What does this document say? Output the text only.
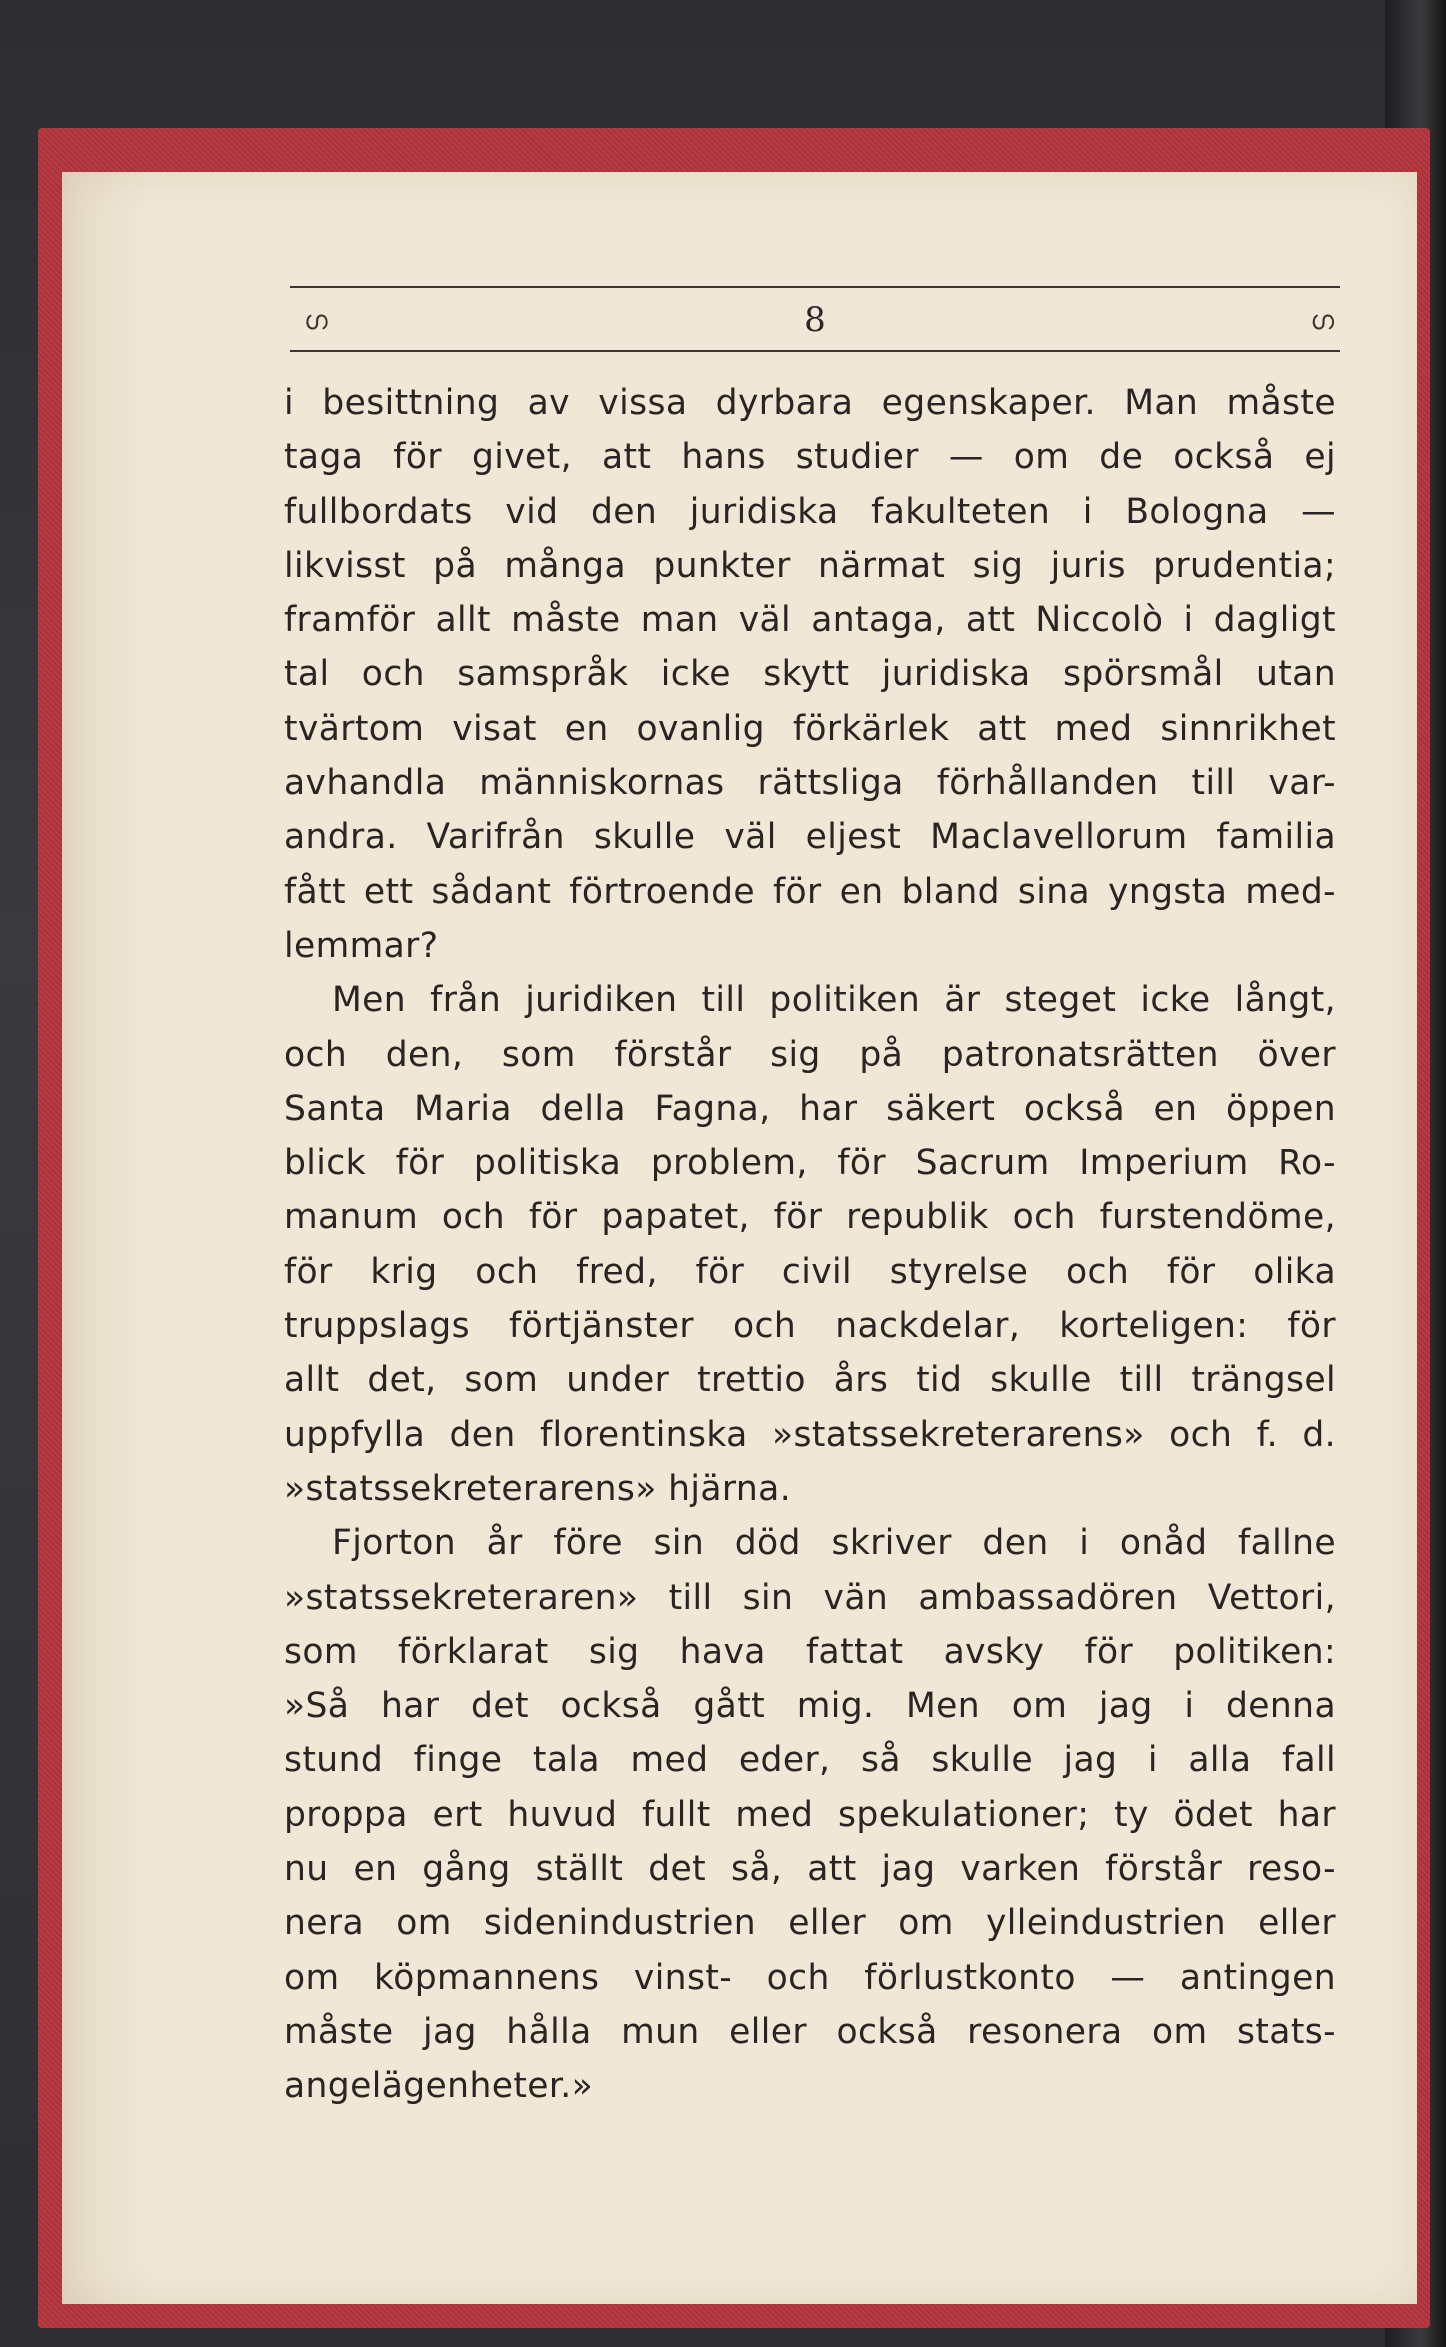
ഗ	8	ഗ
i besittning av vissa dyrbara egenskaper. Man måste
taga för givet, att hans studier — om de också ej
fullbordats vid den juridiska fakulteten i Bologna —
likvisst på många punkter närmat sig juris prudentia;
framför allt måste man väl antaga, att Niccolò i dagligt
tal och samspråk icke skytt juridiska spörsmål utan
tvärtom visat en ovanlig förkärlek att med sinnrikhet
avhandla människornas rättsliga förhållanden till var-
andra. Varifrån skulle väl eljest Maclavellorum familia
fått ett sådant förtroende för en bland sina yngsta med-
lemmar?
Men från juridiken till politiken är steget icke långt,
och den, som förstår sig på patronatsrätten över
Santa Maria della Fagna, har säkert också en öppen
blick för politiska problem, för Sacrum Imperium Ro-
manum och för papatet, för republik och furstendöme,
för krig och fred, för civil styrelse och för olika
truppslags förtjänster och nackdelar, korteligen: för
allt det, som under trettio års tid skulle till trängsel
uppfylla den florentinska »statssekreterarens» och f. d.
»statssekreterarens» hjärna.
Fjorton år före sin död skriver den i onåd fallne
»statssekreteraren» till sin vän ambassadören Vettori,
som förklarat sig hava fattat avsky för politiken:
»Så har det också gått mig. Men om jag i denna
stund finge tala med eder, så skulle jag i alla fall
proppa ert huvud fullt med spekulationer; ty ödet har
nu en gång ställt det så, att jag varken förstår reso-
nera om sidenindustrien eller om ylleindustrien eller
om köpmannens vinst- och förlustkonto — antingen
måste jag hålla mun eller också resonera om stats-
angelägenheter.»
